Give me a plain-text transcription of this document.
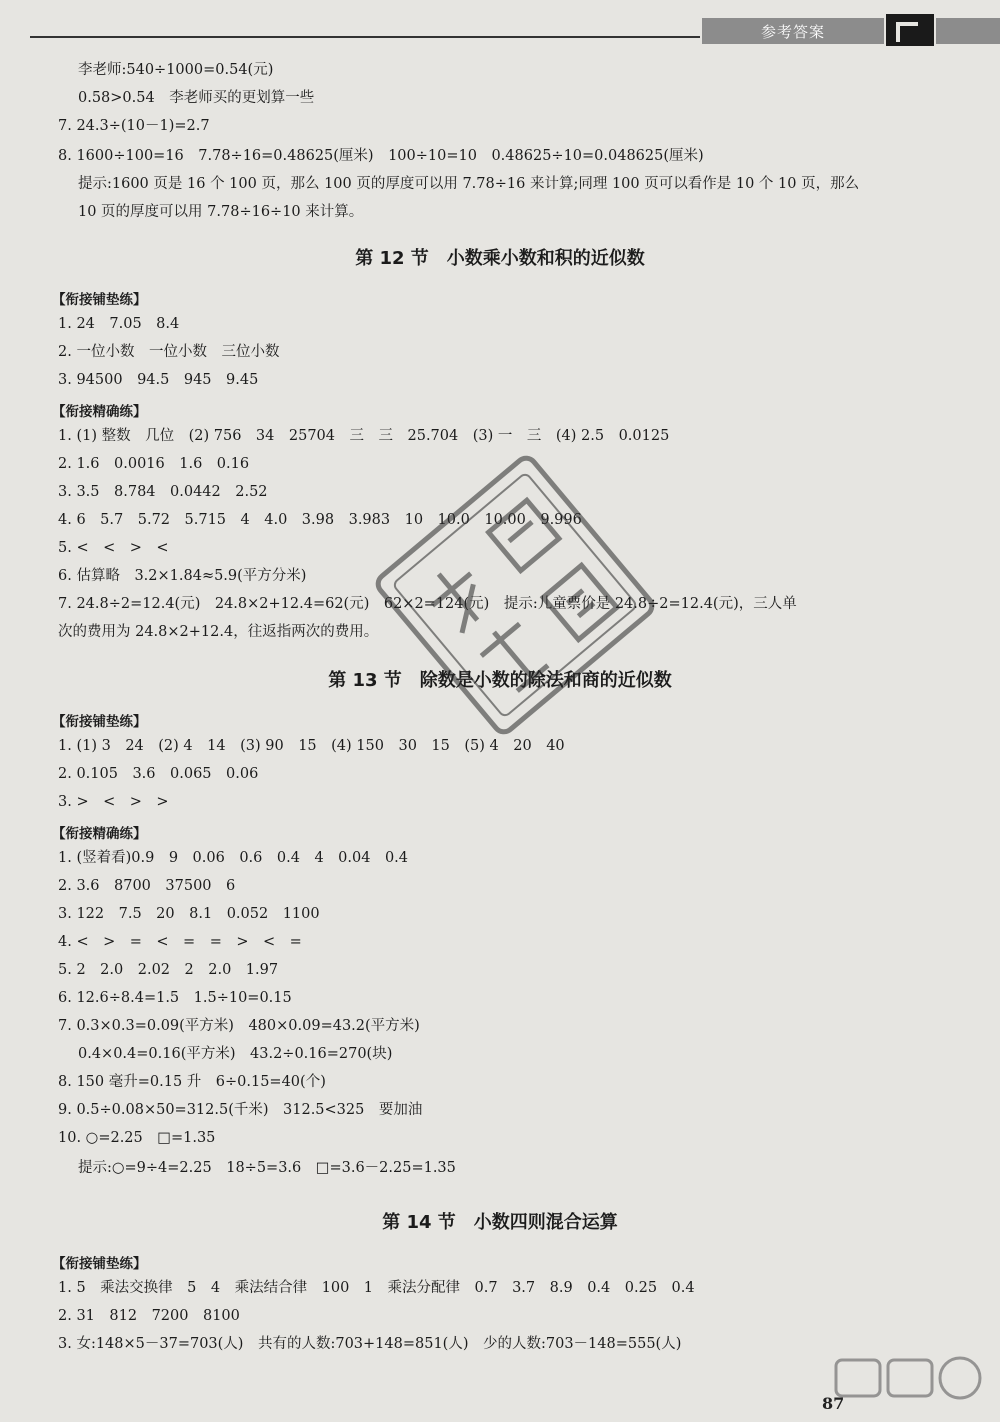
参考答案
李老师:540÷1000=0.54(元)
0.58>0.54　李老师买的更划算一些
7. 24.3÷(10－1)=2.7
8. 1600÷100=16　7.78÷16=0.48625(厘米)　100÷10=10　0.48625÷10=0.048625(厘米)
提示:1600 页是 16 个 100 页，那么 100 页的厚度可以用 7.78÷16 来计算;同理 100 页可以看作是 10 个 10 页，那么
10 页的厚度可以用 7.78÷16÷10 来计算。
第 12 节　小数乘小数和积的近似数
【衔接铺垫练】
1. 24　7.05　8.4
2. 一位小数　一位小数　三位小数
3. 94500　94.5　945　9.45
【衔接精确练】
1. (1) 整数　几位　(2) 756　34　25704　三　三　25.704　(3) 一　三　(4) 2.5　0.0125
2. 1.6　0.0016　1.6　0.16
3. 3.5　8.784　0.0442　2.52
4. 6　5.7　5.72　5.715　4　4.0　3.98　3.983　10　10.0　10.00　9.996
5. <　<　>　<
6. 估算略　3.2×1.84≈5.9(平方分米)
7. 24.8÷2=12.4(元)　24.8×2+12.4=62(元)　62×2=124(元)　提示:儿童票价是 24.8÷2=12.4(元)，三人单
次的费用为 24.8×2+12.4，往返指两次的费用。
第 13 节　除数是小数的除法和商的近似数
【衔接铺垫练】
1. (1) 3　24　(2) 4　14　(3) 90　15　(4) 150　30　15　(5) 4　20　40
2. 0.105　3.6　0.065　0.06
3. >　<　>　>
【衔接精确练】
1. (竖着看)0.9　9　0.06　0.6　0.4　4　0.04　0.4
2. 3.6　8700　37500　6
3. 122　7.5　20　8.1　0.052　1100
4. <　>　=　<　=　=　>　<　=
5. 2　2.0　2.02　2　2.0　1.97
6. 12.6÷8.4=1.5　1.5÷10=0.15
7. 0.3×0.3=0.09(平方米)　480×0.09=43.2(平方米)
0.4×0.4=0.16(平方米)　43.2÷0.16=270(块)
8. 150 毫升=0.15 升　6÷0.15=40(个)
9. 0.5÷0.08×50=312.5(千米)　312.5<325　要加油
10. ○=2.25　□=1.35
提示:○=9÷4=2.25　18÷5=3.6　□=3.6－2.25=1.35
第 14 节　小数四则混合运算
【衔接铺垫练】
1. 5　乘法交换律　5　4　乘法结合律　100　1　乘法分配律　0.7　3.7　8.9　0.4　0.25　0.4
2. 31　812　7200　8100
3. 女:148×5－37=703(人)　共有的人数:703+148=851(人)　少的人数:703－148=555(人)
87
